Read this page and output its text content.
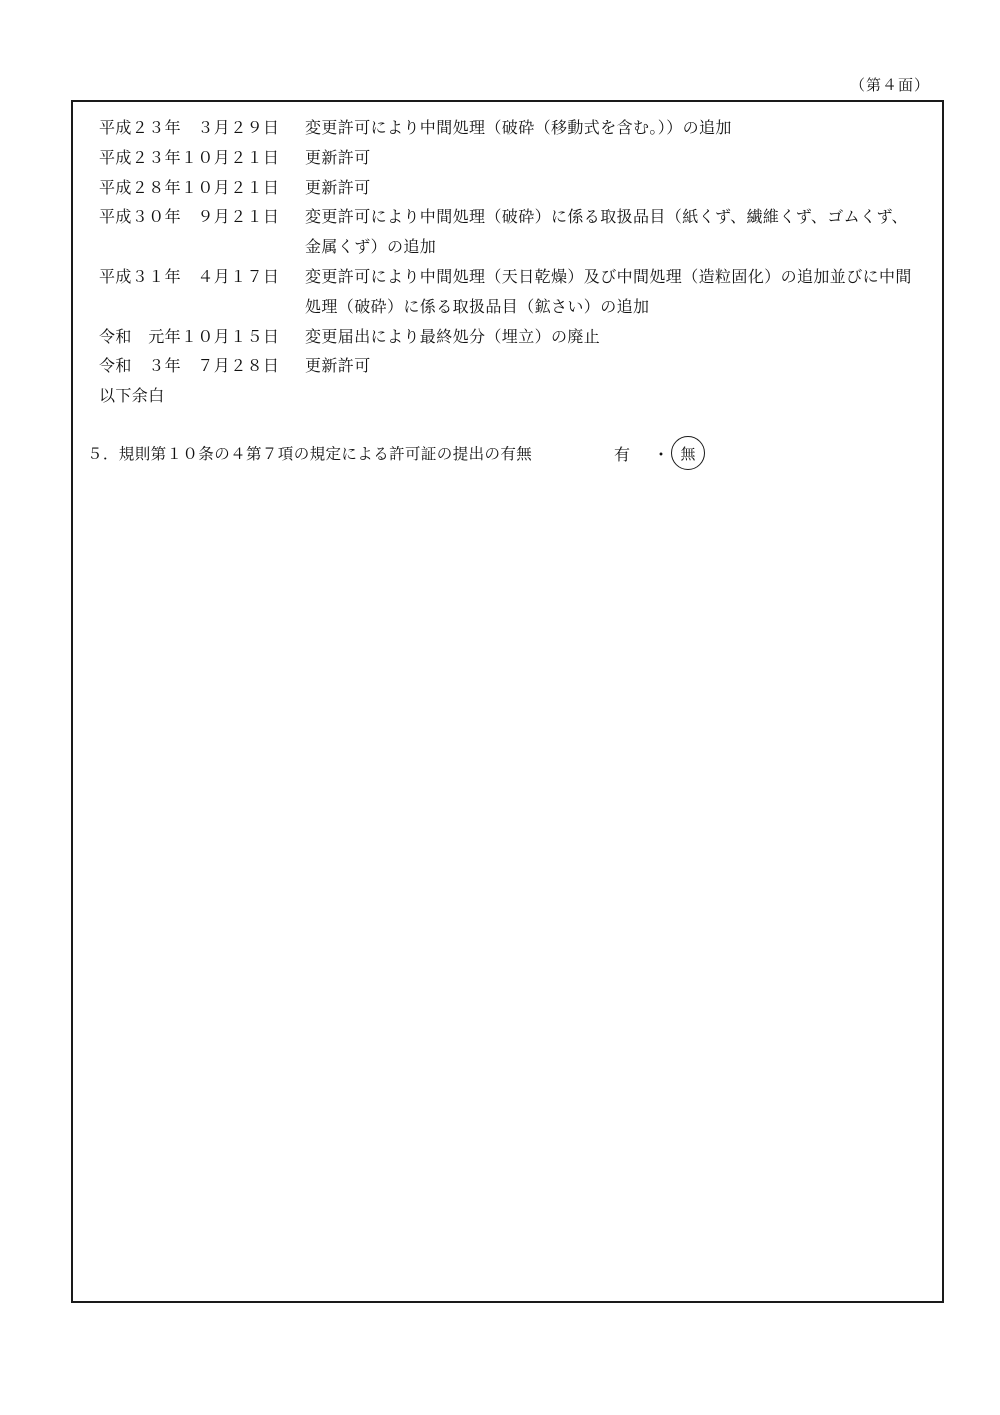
（第４面）
平成２３年　３月２９日	変更許可により中間処理（破砕（移動式を含む。））の追加
平成２３年１０月２１日	更新許可
平成２８年１０月２１日	更新許可
平成３０年　９月２１日	変更許可により中間処理（破砕）に係る取扱品目（紙くず、繊維くず、ゴムくず、
金属くず）の追加
平成３１年　４月１７日	変更許可により中間処理（天日乾燥）及び中間処理（造粒固化）の追加並びに中間
処理（破砕）に係る取扱品目（鉱さい）の追加
令和　元年１０月１５日	変更届出により最終処分（埋立）の廃止
令和　３年　７月２８日	更新許可
以下余白
５．規則第１０条の４第７項の規定による許可証の提出の有無	有 ・ 無
